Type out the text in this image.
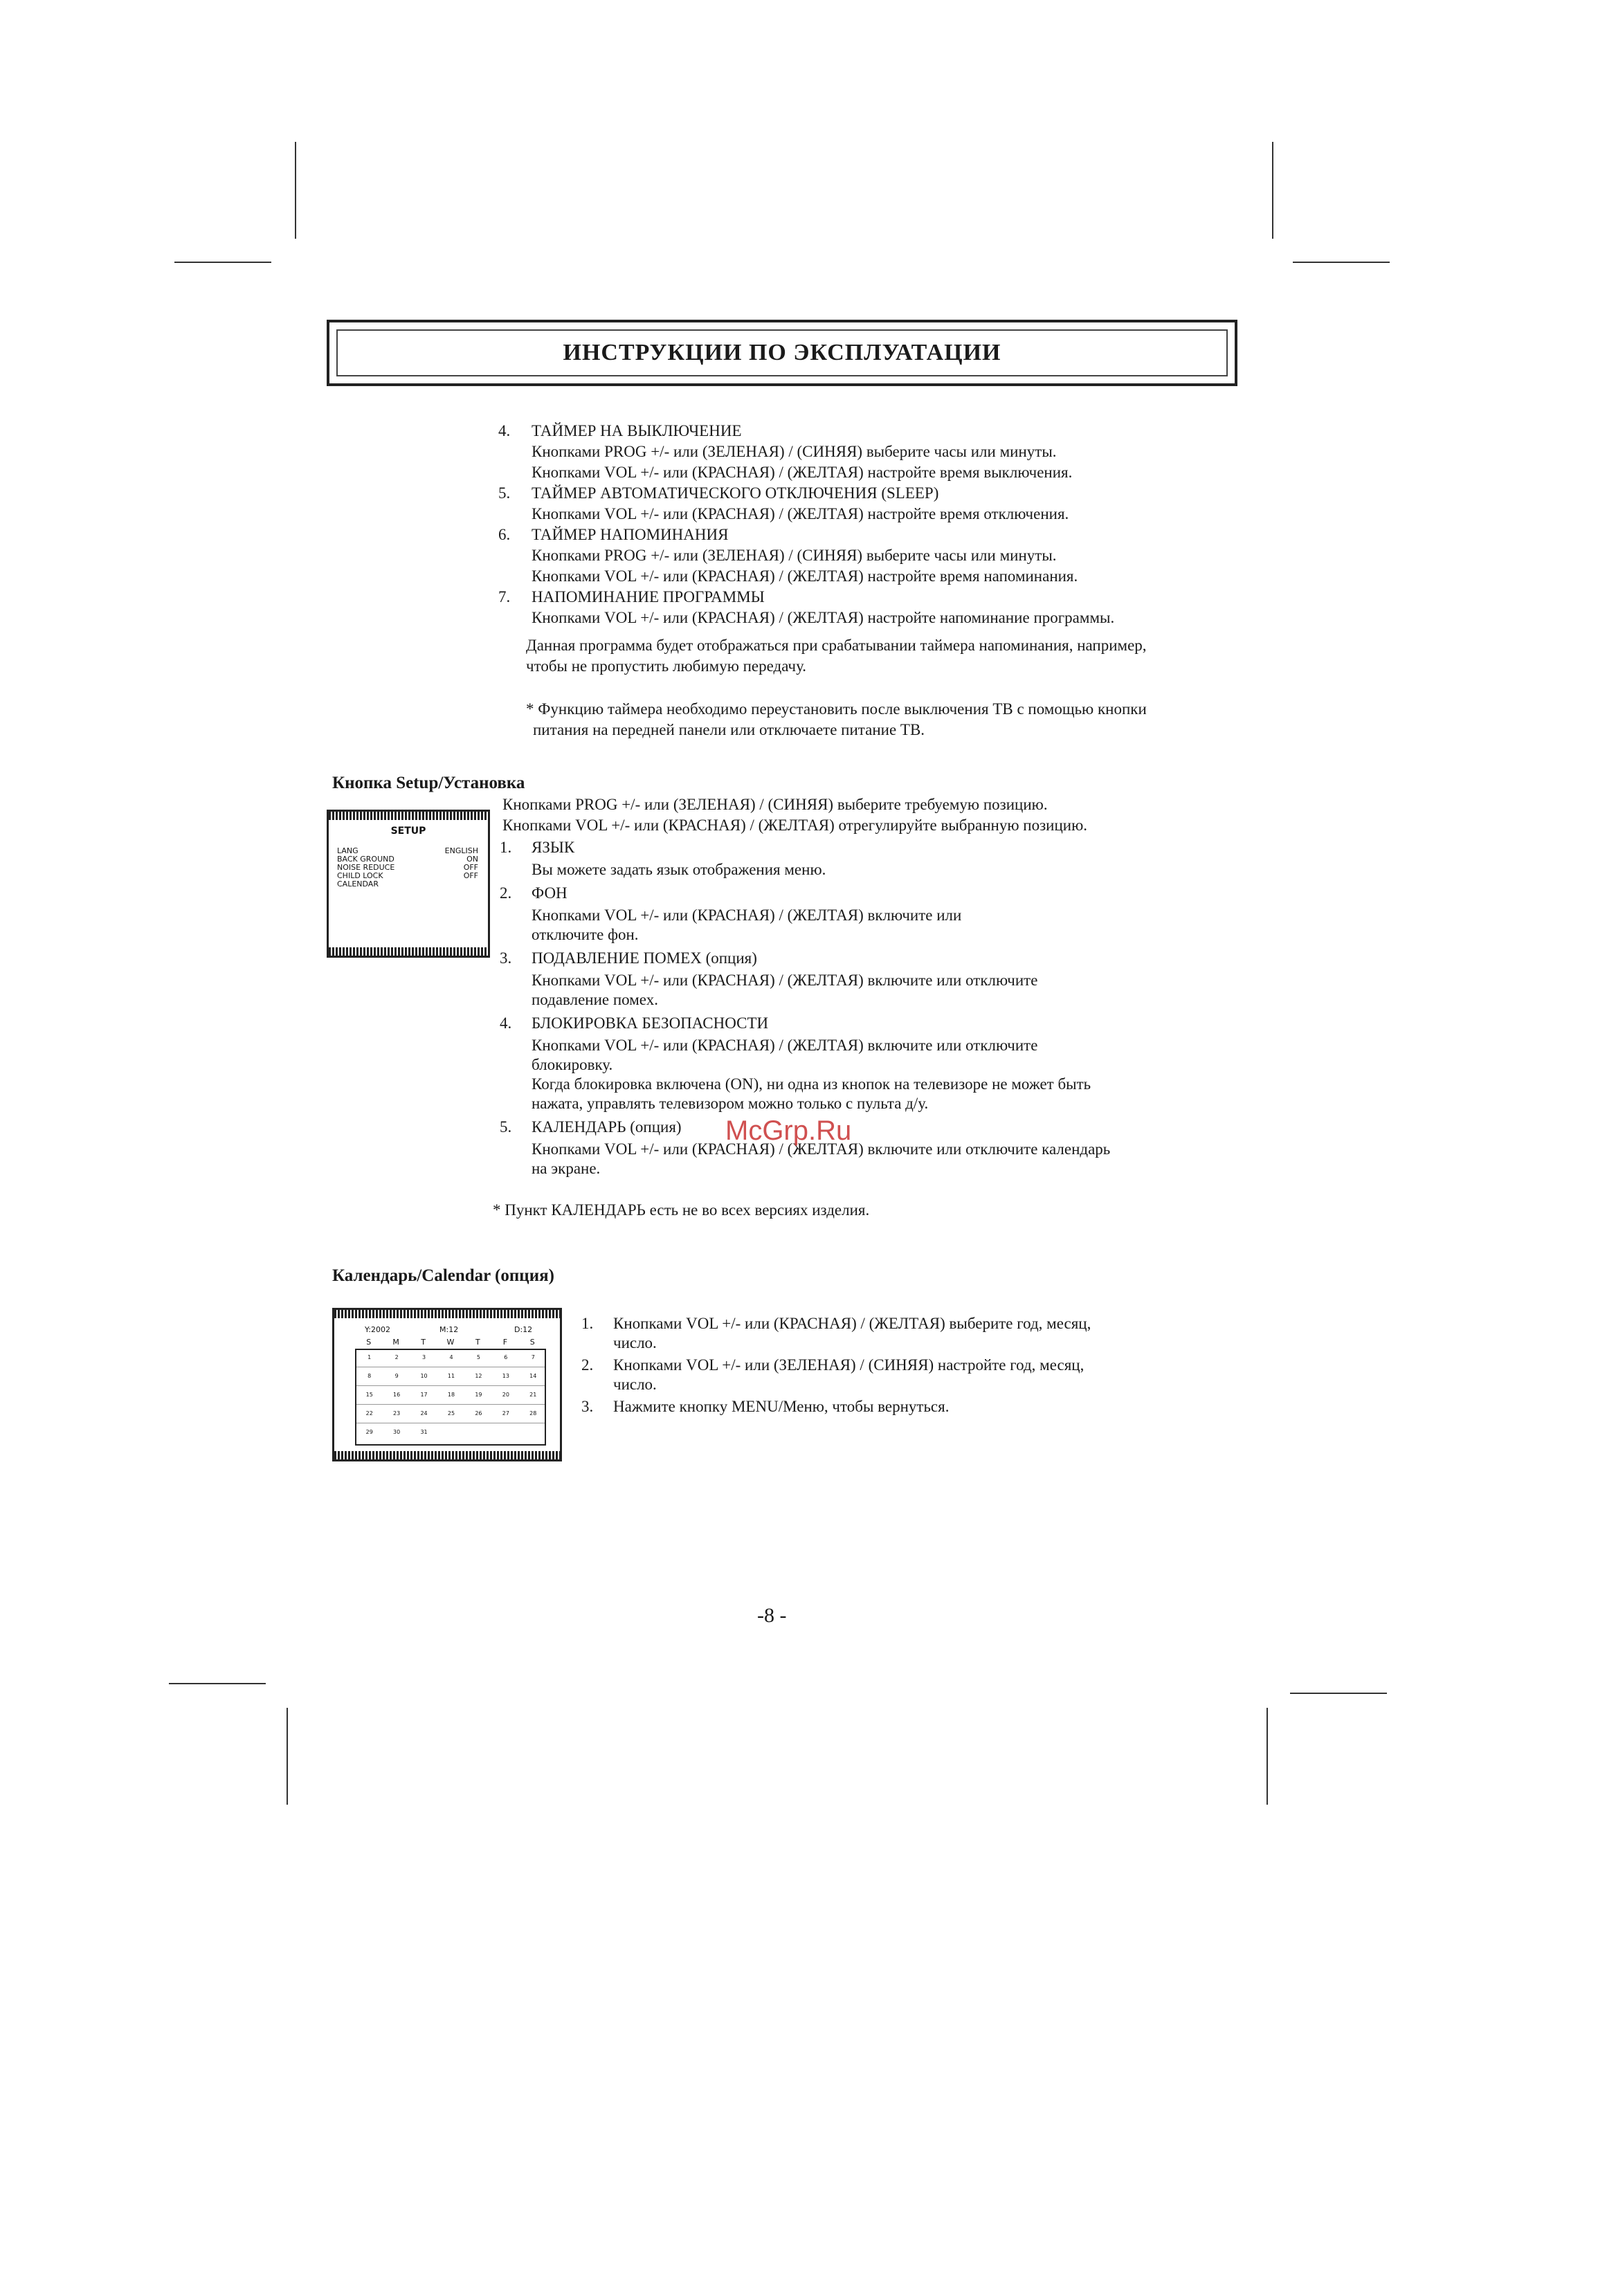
ИНСТРУКЦИИ ПО ЭКСПЛУАТАЦИИ
4. ТАЙМЕР НА ВЫКЛЮЧЕНИЕ
Кнопками PROG +/- или (ЗЕЛЕНАЯ) / (СИНЯЯ) выберите часы или минуты.
Кнопками VOL +/- или (КРАСНАЯ) / (ЖЕЛТАЯ) настройте время выключения.
5. ТАЙМЕР АВТОМАТИЧЕСКОГО ОТКЛЮЧЕНИЯ (SLEEP)
Кнопками VOL +/- или (КРАСНАЯ) / (ЖЕЛТАЯ) настройте время отключения.
6. ТАЙМЕР НАПОМИНАНИЯ
Кнопками PROG +/- или (ЗЕЛЕНАЯ) / (СИНЯЯ) выберите часы или минуты.
Кнопками VOL +/- или (КРАСНАЯ) / (ЖЕЛТАЯ) настройте время напоминания.
7. НАПОМИНАНИЕ ПРОГРАММЫ
Кнопками VOL +/- или (КРАСНАЯ) / (ЖЕЛТАЯ) настройте напоминание программы.
Данная программа будет отображаться при срабатывании таймера напоминания, например,
чтобы не пропустить любимую передачу.
* Функцию таймера необходимо переустановить после выключения ТВ с помощью кнопки
питания на передней панели или отключаете питание ТВ.
Кнопка Setup/Установка
SETUP
LANG	ENGLISH
BACK GROUND	ON
NOISE REDUCE	OFF
CHILD LOCK	OFF
CALENDAR
Кнопками PROG +/- или (ЗЕЛЕНАЯ) / (СИНЯЯ) выберите требуемую позицию.
Кнопками VOL +/- или (КРАСНАЯ) / (ЖЕЛТАЯ) отрегулируйте выбранную позицию.
1. ЯЗЫК
Вы можете задать язык отображения меню.
2. ФОН
Кнопками VOL +/- или (КРАСНАЯ) / (ЖЕЛТАЯ) включите или
отключите фон.
3. ПОДАВЛЕНИЕ ПОМЕХ (опция)
Кнопками VOL +/- или (КРАСНАЯ) / (ЖЕЛТАЯ) включите или отключите
подавление помех.
4. БЛОКИРОВКА БЕЗОПАСНОСТИ
Кнопками VOL +/- или (КРАСНАЯ) / (ЖЕЛТАЯ) включите или отключите
блокировку.
Когда блокировка включена (ON), ни одна из кнопок на телевизоре не может быть
нажата, управлять телевизором можно только с пульта д/у.
5. КАЛЕНДАРЬ (опция)
Кнопками VOL +/- или (КРАСНАЯ) / (ЖЕЛТАЯ) включите или отключите календарь
на экране.
* Пункт КАЛЕНДАРЬ есть не во всех версиях изделия.
Календарь/Calendar (опция)
Y:2002	M:12	D:12
S	M	T	W	T	F	S
1	2	3	4	5	6	7
8	9	10	11	12	13	14
15	16	17	18	19	20	21
22	23	24	25	26	27	28
29	30	31
1. Кнопками VOL +/- или (КРАСНАЯ) / (ЖЕЛТАЯ) выберите год, месяц,
число.
2. Кнопками VOL +/- или (ЗЕЛЕНАЯ) / (СИНЯЯ) настройте год, месяц,
число.
3. Нажмите кнопку MENU/Меню, чтобы вернуться.
McGrp.Ru
-8 -
